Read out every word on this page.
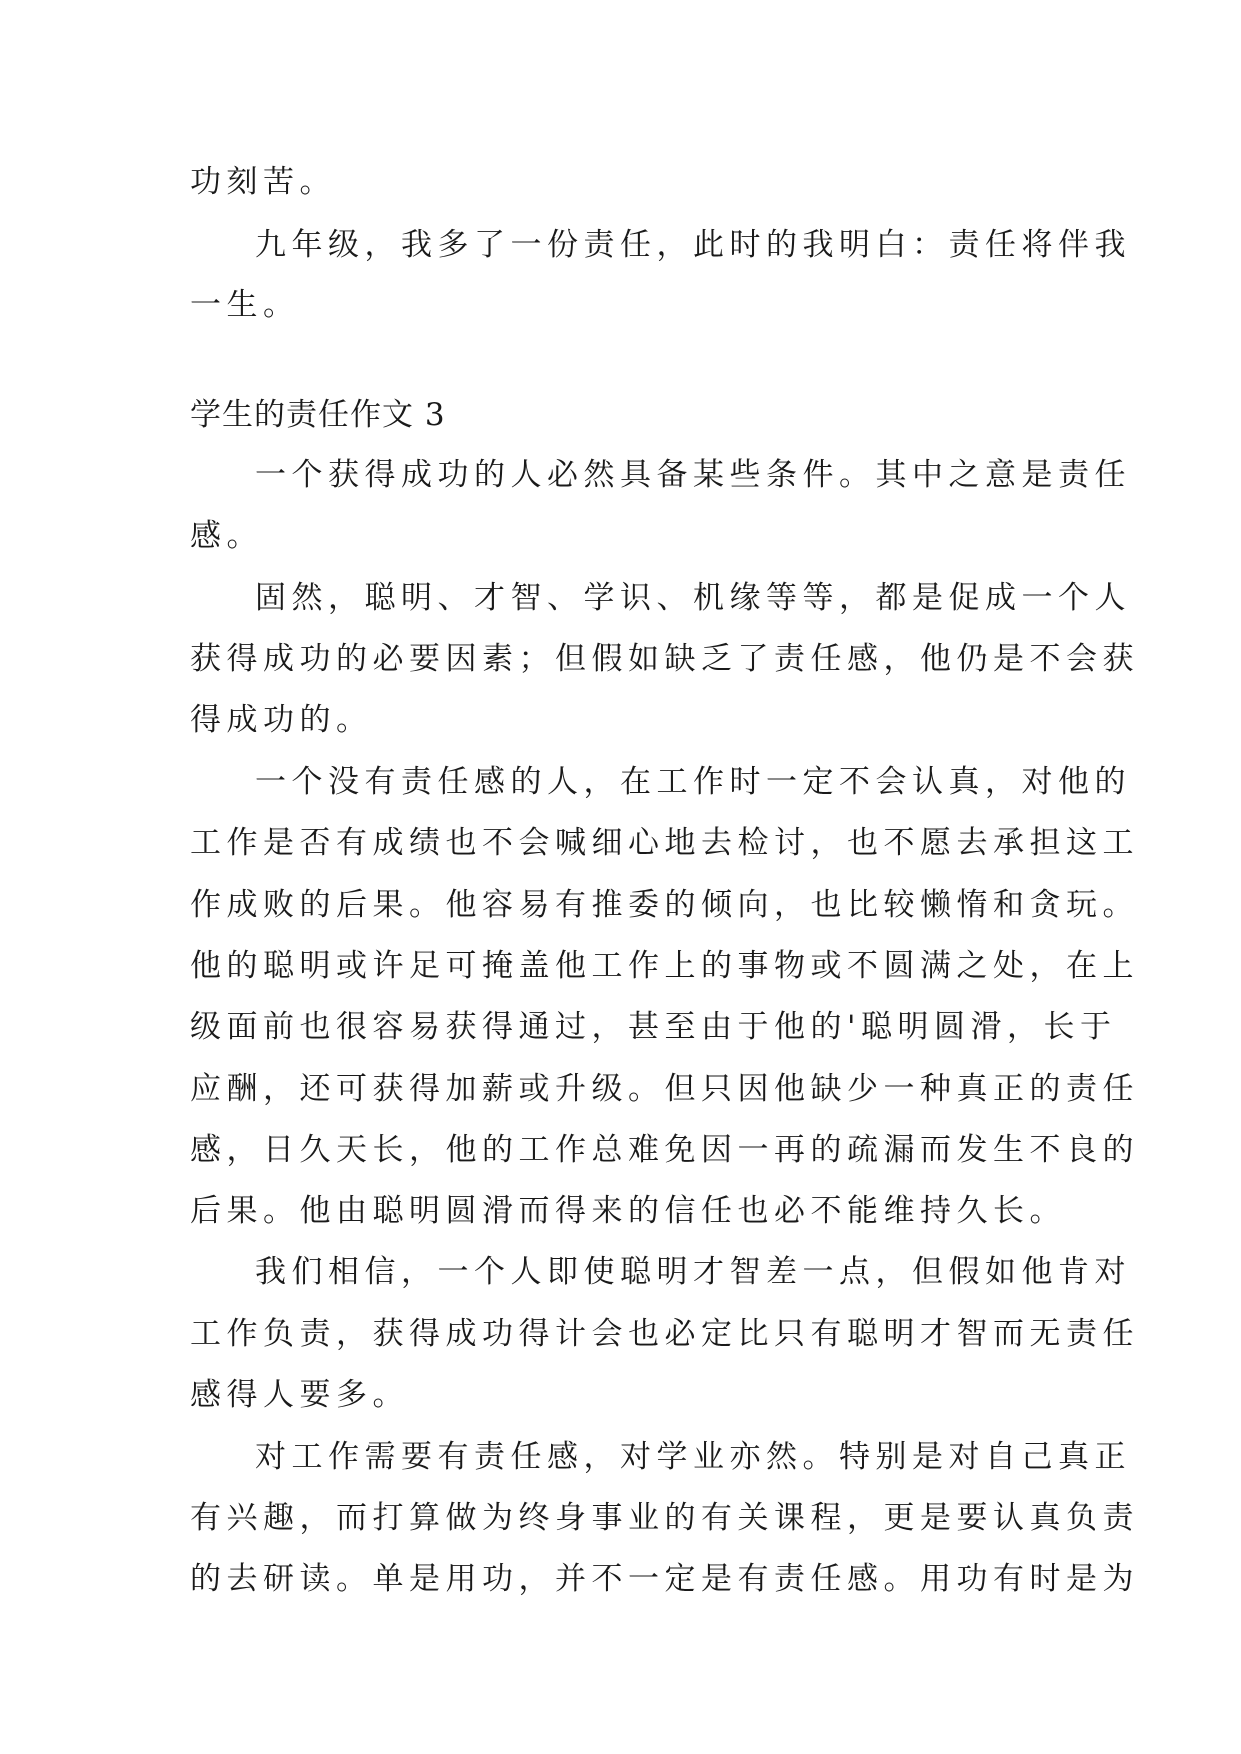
功刻苦。
九年级，我多了一份责任，此时的我明白：责任将伴我
一生。
学生的责任作文 3
一个获得成功的人必然具备某些条件。其中之意是责任
感。
固然，聪明、才智、学识、机缘等等，都是促成一个人
获得成功的必要因素；但假如缺乏了责任感，他仍是不会获
得成功的。
一个没有责任感的人，在工作时一定不会认真，对他的
工作是否有成绩也不会喊细心地去检讨，也不愿去承担这工
作成败的后果。他容易有推委的倾向，也比较懒惰和贪玩。
他的聪明或许足可掩盖他工作上的事物或不圆满之处，在上
级面前也很容易获得通过，甚至由于他的'聪明圆滑，长于
应酬，还可获得加薪或升级。但只因他缺少一种真正的责任
感，日久天长，他的工作总难免因一再的疏漏而发生不良的
后果。他由聪明圆滑而得来的信任也必不能维持久长。
我们相信，一个人即使聪明才智差一点，但假如他肯对
工作负责，获得成功得计会也必定比只有聪明才智而无责任
感得人要多。
对工作需要有责任感，对学业亦然。特别是对自己真正
有兴趣，而打算做为终身事业的有关课程，更是要认真负责
的去研读。单是用功，并不一定是有责任感。用功有时是为
